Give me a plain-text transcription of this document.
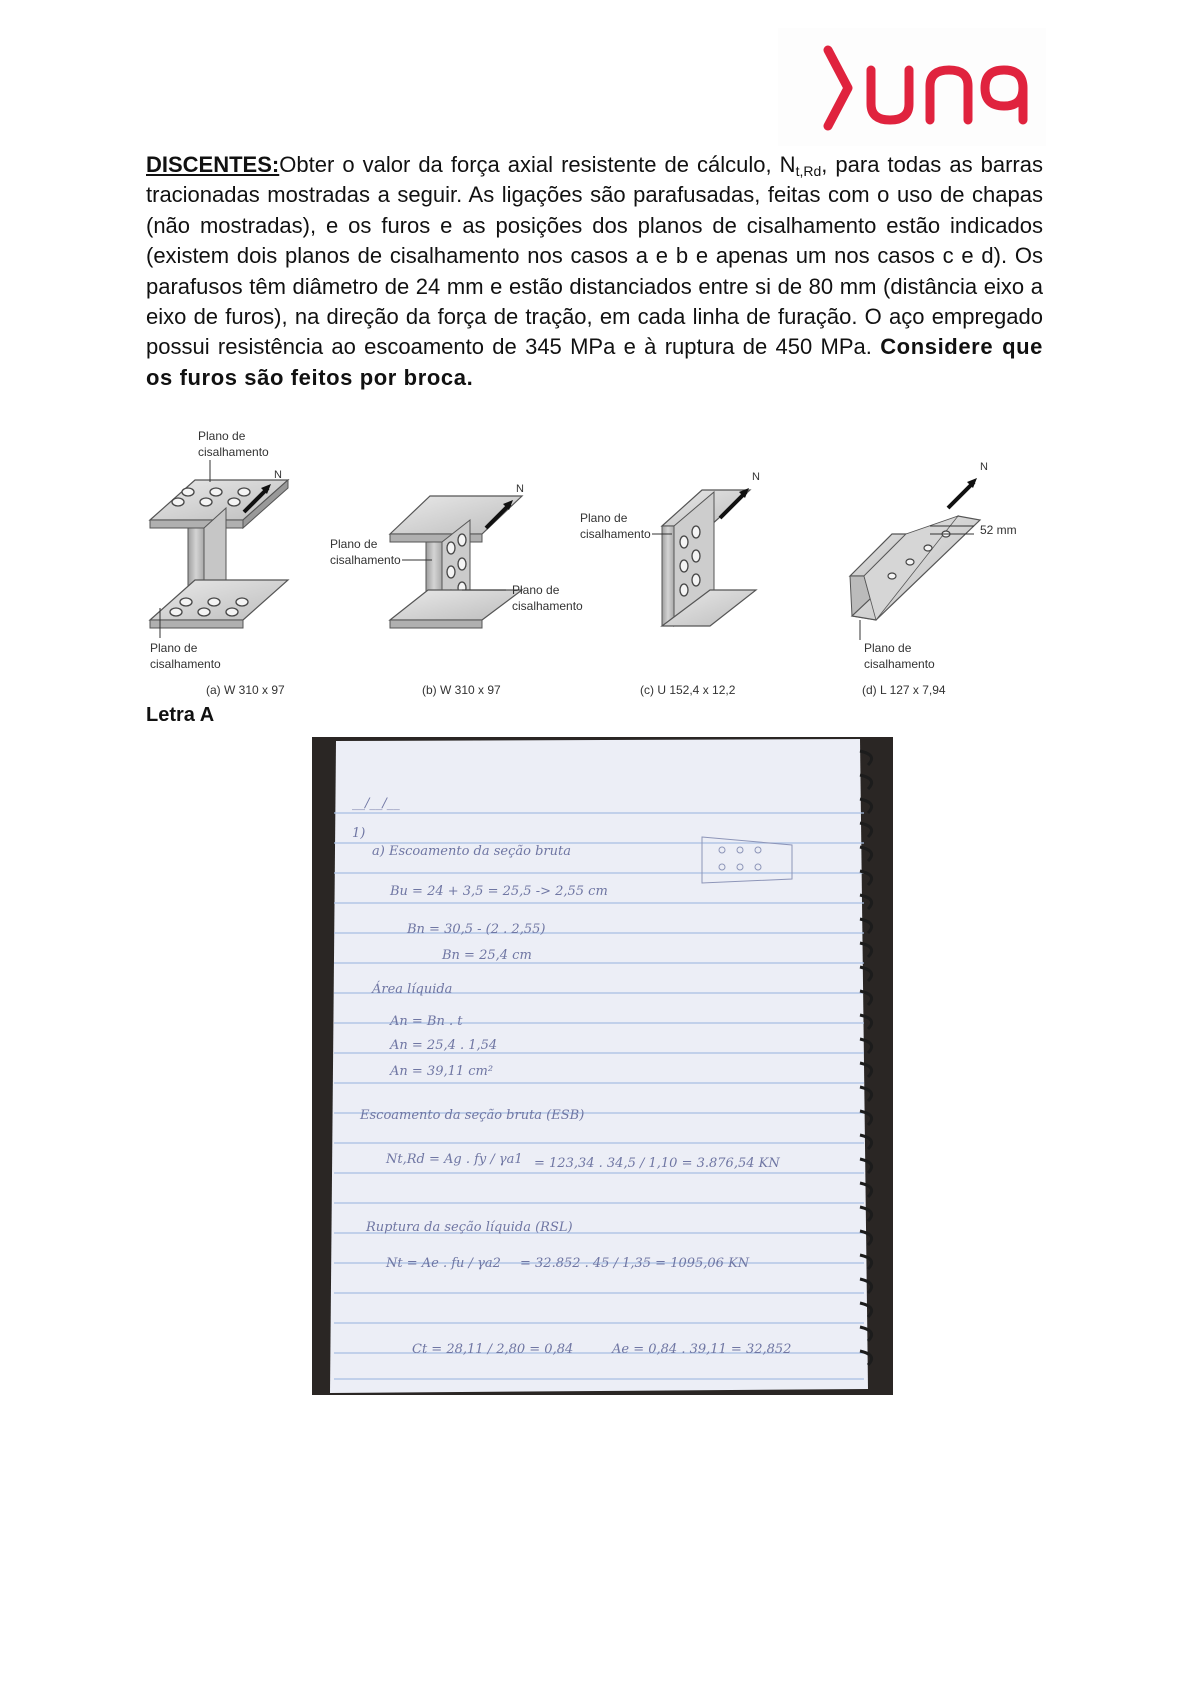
DISCENTES:Obter o valor da força axial resistente de cálculo, $N_{t,Rd}$, para todas as barras tracionadas mostradas a seguir. As ligações são parafusadas, feitas com o uso de chapas (não mostradas), e os furos e as posições dos planos de cisalhamento estão indicados (existem dois planos de cisalhamento nos casos a e b e apenas um nos casos c e d). Os parafusos têm diâmetro de 24 mm e estão distanciados entre si de 80 mm (distância eixo a eixo de furos), na direção da força de tração, em cada linha de furação. O aço empregado possui resistência ao escoamento de 345 MPa e à ruptura de 450 MPa. Considere que os furos são feitos por broca.
N
Plano de
cisalhamento
Plano de
cisalhamento
(a) W 310 x 97
N
Plano de
cisalhamento
Plano de
cisalhamento
(b) W 310 x 97
N
Plano de
cisalhamento
(c) U 152,4 x 12,2
52 mm
N
Plano de
cisalhamento
(d) L 127 x 7,94
Letra A
__/__/__
1)
a) Escoamento da seção bruta
Bu = 24 + 3,5 = 25,5 -> 2,55 cm
Bn = 30,5 - (2 . 2,55)
Bn = 25,4 cm
Área líquida
An = Bn . t
An = 25,4 . 1,54
An = 39,11 cm²
Escoamento da seção bruta (ESB)
Nt,Rd = Ag . fy / γa1 = 123,34 . 34,5 / 1,10 = 3.876,54 KN
Ruptura da seção líquida (RSL)
Nt = Ae . fu / γa2 = 32.852 . 45 / 1,35 = 1095,06 KN
Ct = 28,11 / 2,80 = 0,84	Ae = 0,84 . 39,11 = 32,852
